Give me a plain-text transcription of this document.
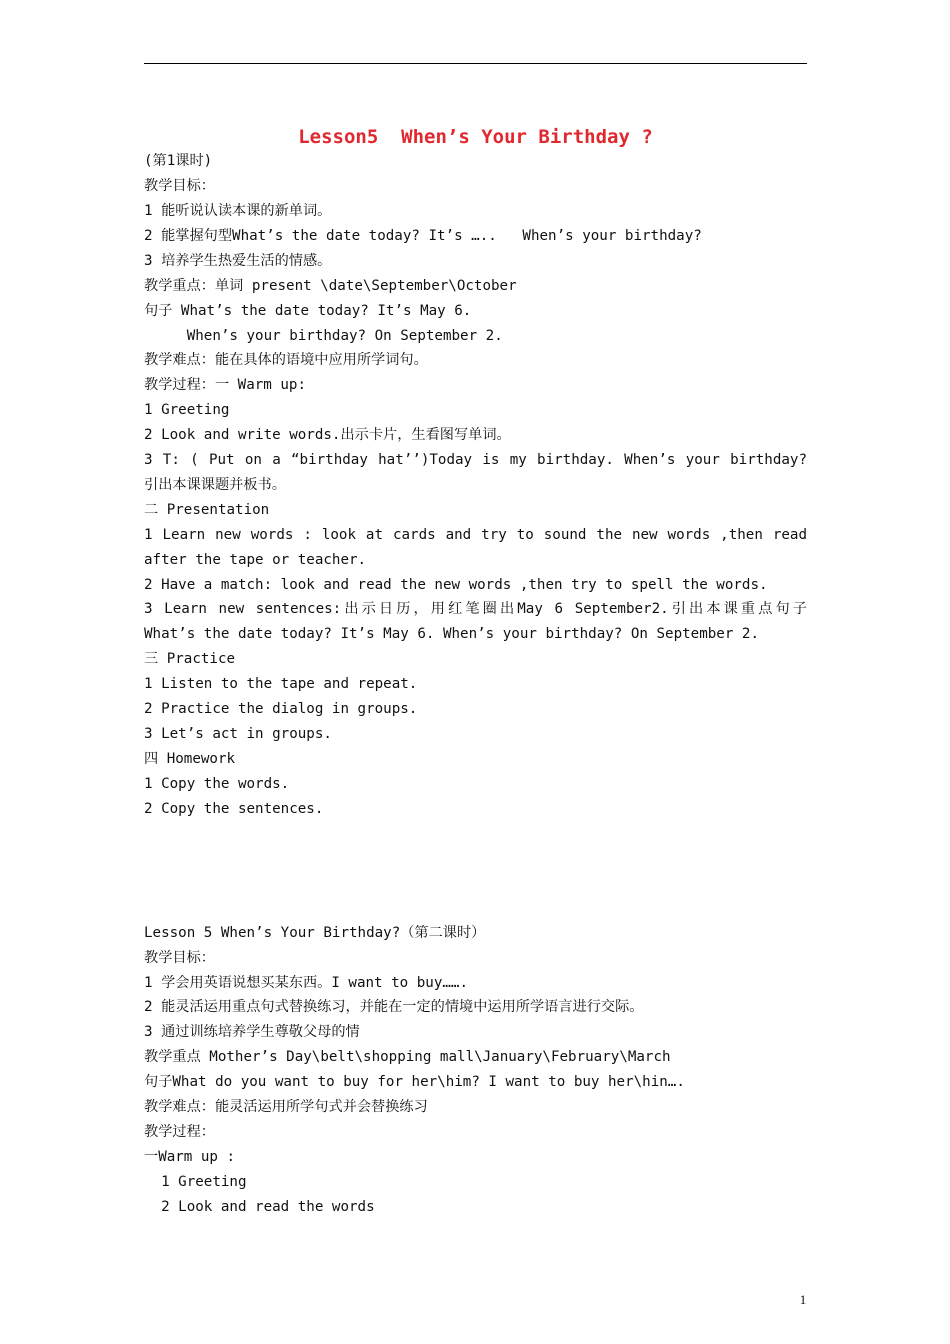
Lesson5  When’s Your Birthday ?
(第1课时)
教学目标：
1 能听说认读本课的新单词。
2 能掌握句型What’s the date today? It’s …..   When’s your birthday?
3 培养学生热爱生活的情感。
教学重点：单词 present \date\September\October
句子 What’s the date today? It’s May 6.
When’s your birthday? On September 2.
教学难点：能在具体的语境中应用所学词句。
教学过程：一 Warm up:
1 Greeting
2 Look and write words.出示卡片，生看图写单词。
3 T: ( Put on a “birthday hat’’)Today is my birthday. When’s your birthday?
引出本课课题并板书。
二 Presentation
1 Learn new words : look at cards and try to sound the new words ,then read
after the tape or teacher.
2 Have a match: look and read the new words ,then try to spell the words.
3 Learn new sentences:出示日历，用红笔圈出May 6 September2.引出本课重点句子
What’s the date today? It’s May 6. When’s your birthday? On September 2.
三 Practice
1 Listen to the tape and repeat.
2 Practice the dialog in groups.
3 Let’s act in groups.
四 Homework
1 Copy the words.
2 Copy the sentences.
Lesson 5 When’s Your Birthday?（第二课时）
教学目标：
1 学会用英语说想买某东西。I want to buy…….
2 能灵活运用重点句式替换练习，并能在一定的情境中运用所学语言进行交际。
3 通过训练培养学生尊敬父母的情
教学重点 Mother’s Day\belt\shopping mall\January\February\March
句子What do you want to buy for her\him? I want to buy her\hin….
教学难点：能灵活运用所学句式并会替换练习
教学过程：
一Warm up :
1 Greeting
2 Look and read the words
1
